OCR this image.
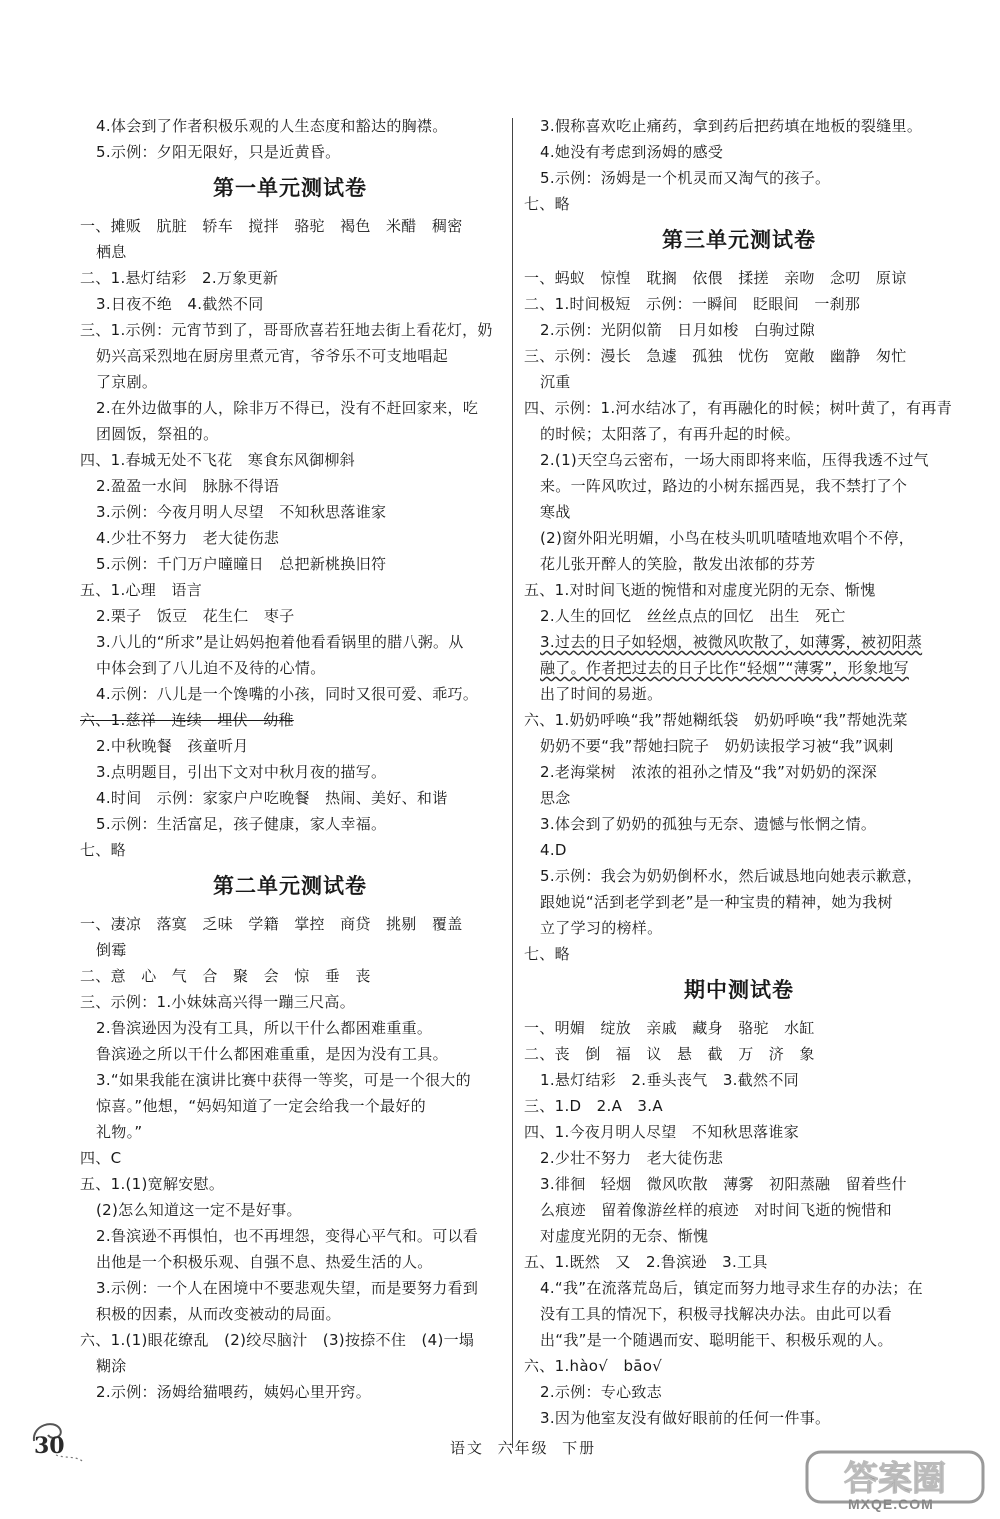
4.体会到了作者积极乐观的人生态度和豁达的胸襟。
5.示例：夕阳无限好，只是近黄昏。
第一单元测试卷
一、摊贩　肮脏　轿车　搅拌　骆驼　褐色　米醋　稠密
栖息
二、1.悬灯结彩　2.万象更新
3.日夜不绝　4.截然不同
三、1.示例：元宵节到了，哥哥欣喜若狂地去街上看花灯，奶
奶兴高采烈地在厨房里煮元宵，爷爷乐不可支地唱起
了京剧。
2.在外边做事的人，除非万不得已，没有不赶回家来，吃
团圆饭，祭祖的。
四、1.春城无处不飞花　寒食东风御柳斜
2.盈盈一水间　脉脉不得语
3.示例：今夜月明人尽望　不知秋思落谁家
4.少壮不努力　老大徒伤悲
5.示例：千门万户曈曈日　总把新桃换旧符
五、1.心理　语言
2.栗子　饭豆　花生仁　枣子
3.八儿的“所求”是让妈妈抱着他看看锅里的腊八粥。从
中体会到了八儿迫不及待的心情。
4.示例：八儿是一个馋嘴的小孩，同时又很可爱、乖巧。
六、1.慈祥　连续　埋伏　幼稚
2.中秋晚餐　孩童听月
3.点明题目，引出下文对中秋月夜的描写。
4.时间　示例：家家户户吃晚餐　热闹、美好、和谐
5.示例：生活富足，孩子健康，家人幸福。
七、略
第二单元测试卷
一、凄凉　落寞　乏味　学籍　掌控　商贷　挑剔　覆盖
倒霉
二、意　心　气　合　聚　会　惊　垂　丧
三、示例：1.小妹妹高兴得一蹦三尺高。
2.鲁滨逊因为没有工具，所以干什么都困难重重。
鲁滨逊之所以干什么都困难重重，是因为没有工具。
3.“如果我能在演讲比赛中获得一等奖，可是一个很大的
惊喜。”他想，“妈妈知道了一定会给我一个最好的
礼物。”
四、C
五、1.(1)宽解安慰。
(2)怎么知道这一定不是好事。
2.鲁滨逊不再惧怕，也不再埋怨，变得心平气和。可以看
出他是一个积极乐观、自强不息、热爱生活的人。
3.示例：一个人在困境中不要悲观失望，而是要努力看到
积极的因素，从而改变被动的局面。
六、1.(1)眼花缭乱　(2)绞尽脑汁　(3)按捺不住　(4)一塌
糊涂
2.示例：汤姆给猫喂药，姨妈心里开窍。
3.假称喜欢吃止痛药，拿到药后把药填在地板的裂缝里。
4.她没有考虑到汤姆的感受
5.示例：汤姆是一个机灵而又淘气的孩子。
七、略
第三单元测试卷
一、蚂蚁　惊惶　耽搁　依偎　揉搓　亲吻　念叨　原谅
二、1.时间极短　示例：一瞬间　眨眼间　一刹那
2.示例：光阴似箭　日月如梭　白驹过隙
三、示例：漫长　急遽　孤独　忧伤　宽敞　幽静　匆忙
沉重
四、示例：1.河水结冰了，有再融化的时候；树叶黄了，有再青
的时候；太阳落了，有再升起的时候。
2.(1)天空乌云密布，一场大雨即将来临，压得我透不过气
来。一阵风吹过，路边的小树东摇西晃，我不禁打了个
寒战
(2)窗外阳光明媚，小鸟在枝头叽叽喳喳地欢唱个不停，
花儿张开醉人的笑脸，散发出浓郁的芬芳
五、1.对时间飞逝的惋惜和对虚度光阴的无奈、惭愧
2.人生的回忆　丝丝点点的回忆　出生　死亡
3.过去的日子如轻烟，被微风吹散了，如薄雾，被初阳蒸
融了。作者把过去的日子比作“轻烟”“薄雾”，形象地写
出了时间的易逝。
六、1.奶奶呼唤“我”帮她糊纸袋　奶奶呼唤“我”帮她洗菜
奶奶不要“我”帮她扫院子　奶奶读报学习被“我”讽刺
2.老海棠树　浓浓的祖孙之情及“我”对奶奶的深深
思念
3.体会到了奶奶的孤独与无奈、遗憾与怅惘之情。
4.D
5.示例：我会为奶奶倒杯水，然后诚恳地向她表示歉意，
跟她说“活到老学到老”是一种宝贵的精神，她为我树
立了学习的榜样。
七、略
期中测试卷
一、明媚　绽放　亲戚　藏身　骆驼　水缸
二、丧　倒　福　议　悬　截　万　济　象
1.悬灯结彩　2.垂头丧气　3.截然不同
三、1.D　2.A　3.A
四、1.今夜月明人尽望　不知秋思落谁家
2.少壮不努力　老大徒伤悲
3.徘徊　轻烟　微风吹散　薄雾　初阳蒸融　留着些什
么痕迹　留着像游丝样的痕迹　对时间飞逝的惋惜和
对虚度光阴的无奈、惭愧
五、1.既然　又　2.鲁滨逊　3.工具
4.“我”在流落荒岛后，镇定而努力地寻求生存的办法；在
没有工具的情况下，积极寻找解决办法。由此可以看
出“我”是一个随遇而安、聪明能干、积极乐观的人。
六、1.hào√　bāo√
2.示例：专心致志
3.因为他室友没有做好眼前的任何一件事。
30	语文 六年级 下册
答案圈
MXQE.COM
